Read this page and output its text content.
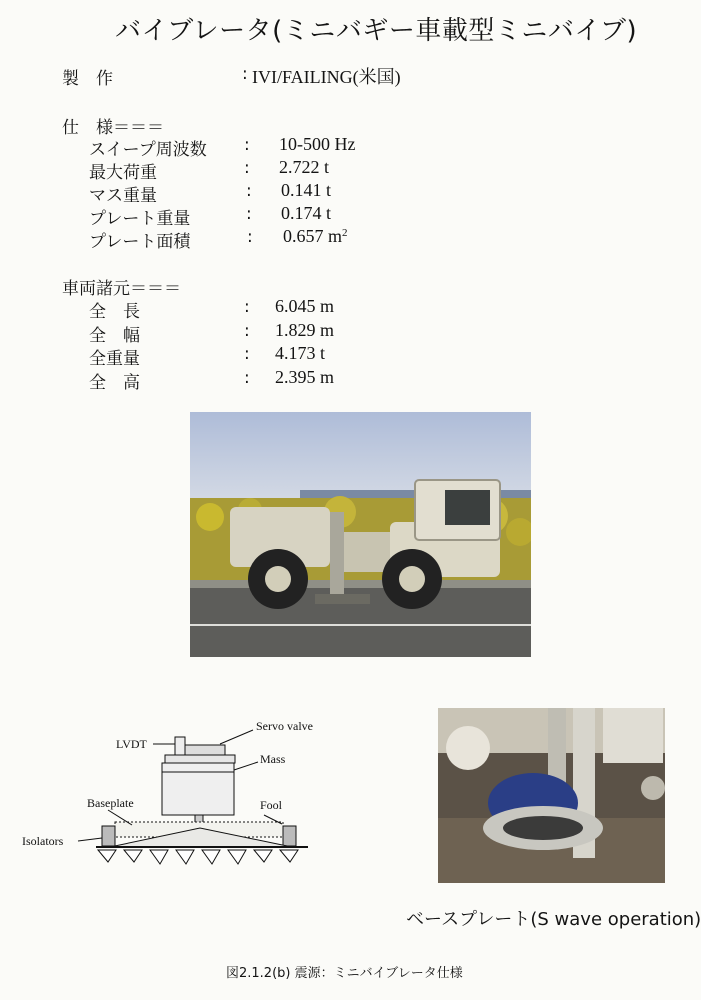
バイブレータ(ミニバギー車載型ミニバイブ)
製　作	: IVI/FAILING(米国)
仕　様＝＝＝
スイープ周波数 : 10-500 Hz
最大荷重	: 2.722 t
マス重量	: 0.141 t
プレート重量	: 0.174 t
プレート面積	: 0.657 $m^2$
車両諸元＝＝＝
全　長	: 6.045 m
全　幅	: 1.829 m
全重量	: 4.173 t
全　高	: 2.395 m
Servo valve
LVDT
Mass
Baseplate	Fool
Isolators
ベースプレート(S wave operation)
図2.1.2(b) 震源：ミニバイブレータ仕様
